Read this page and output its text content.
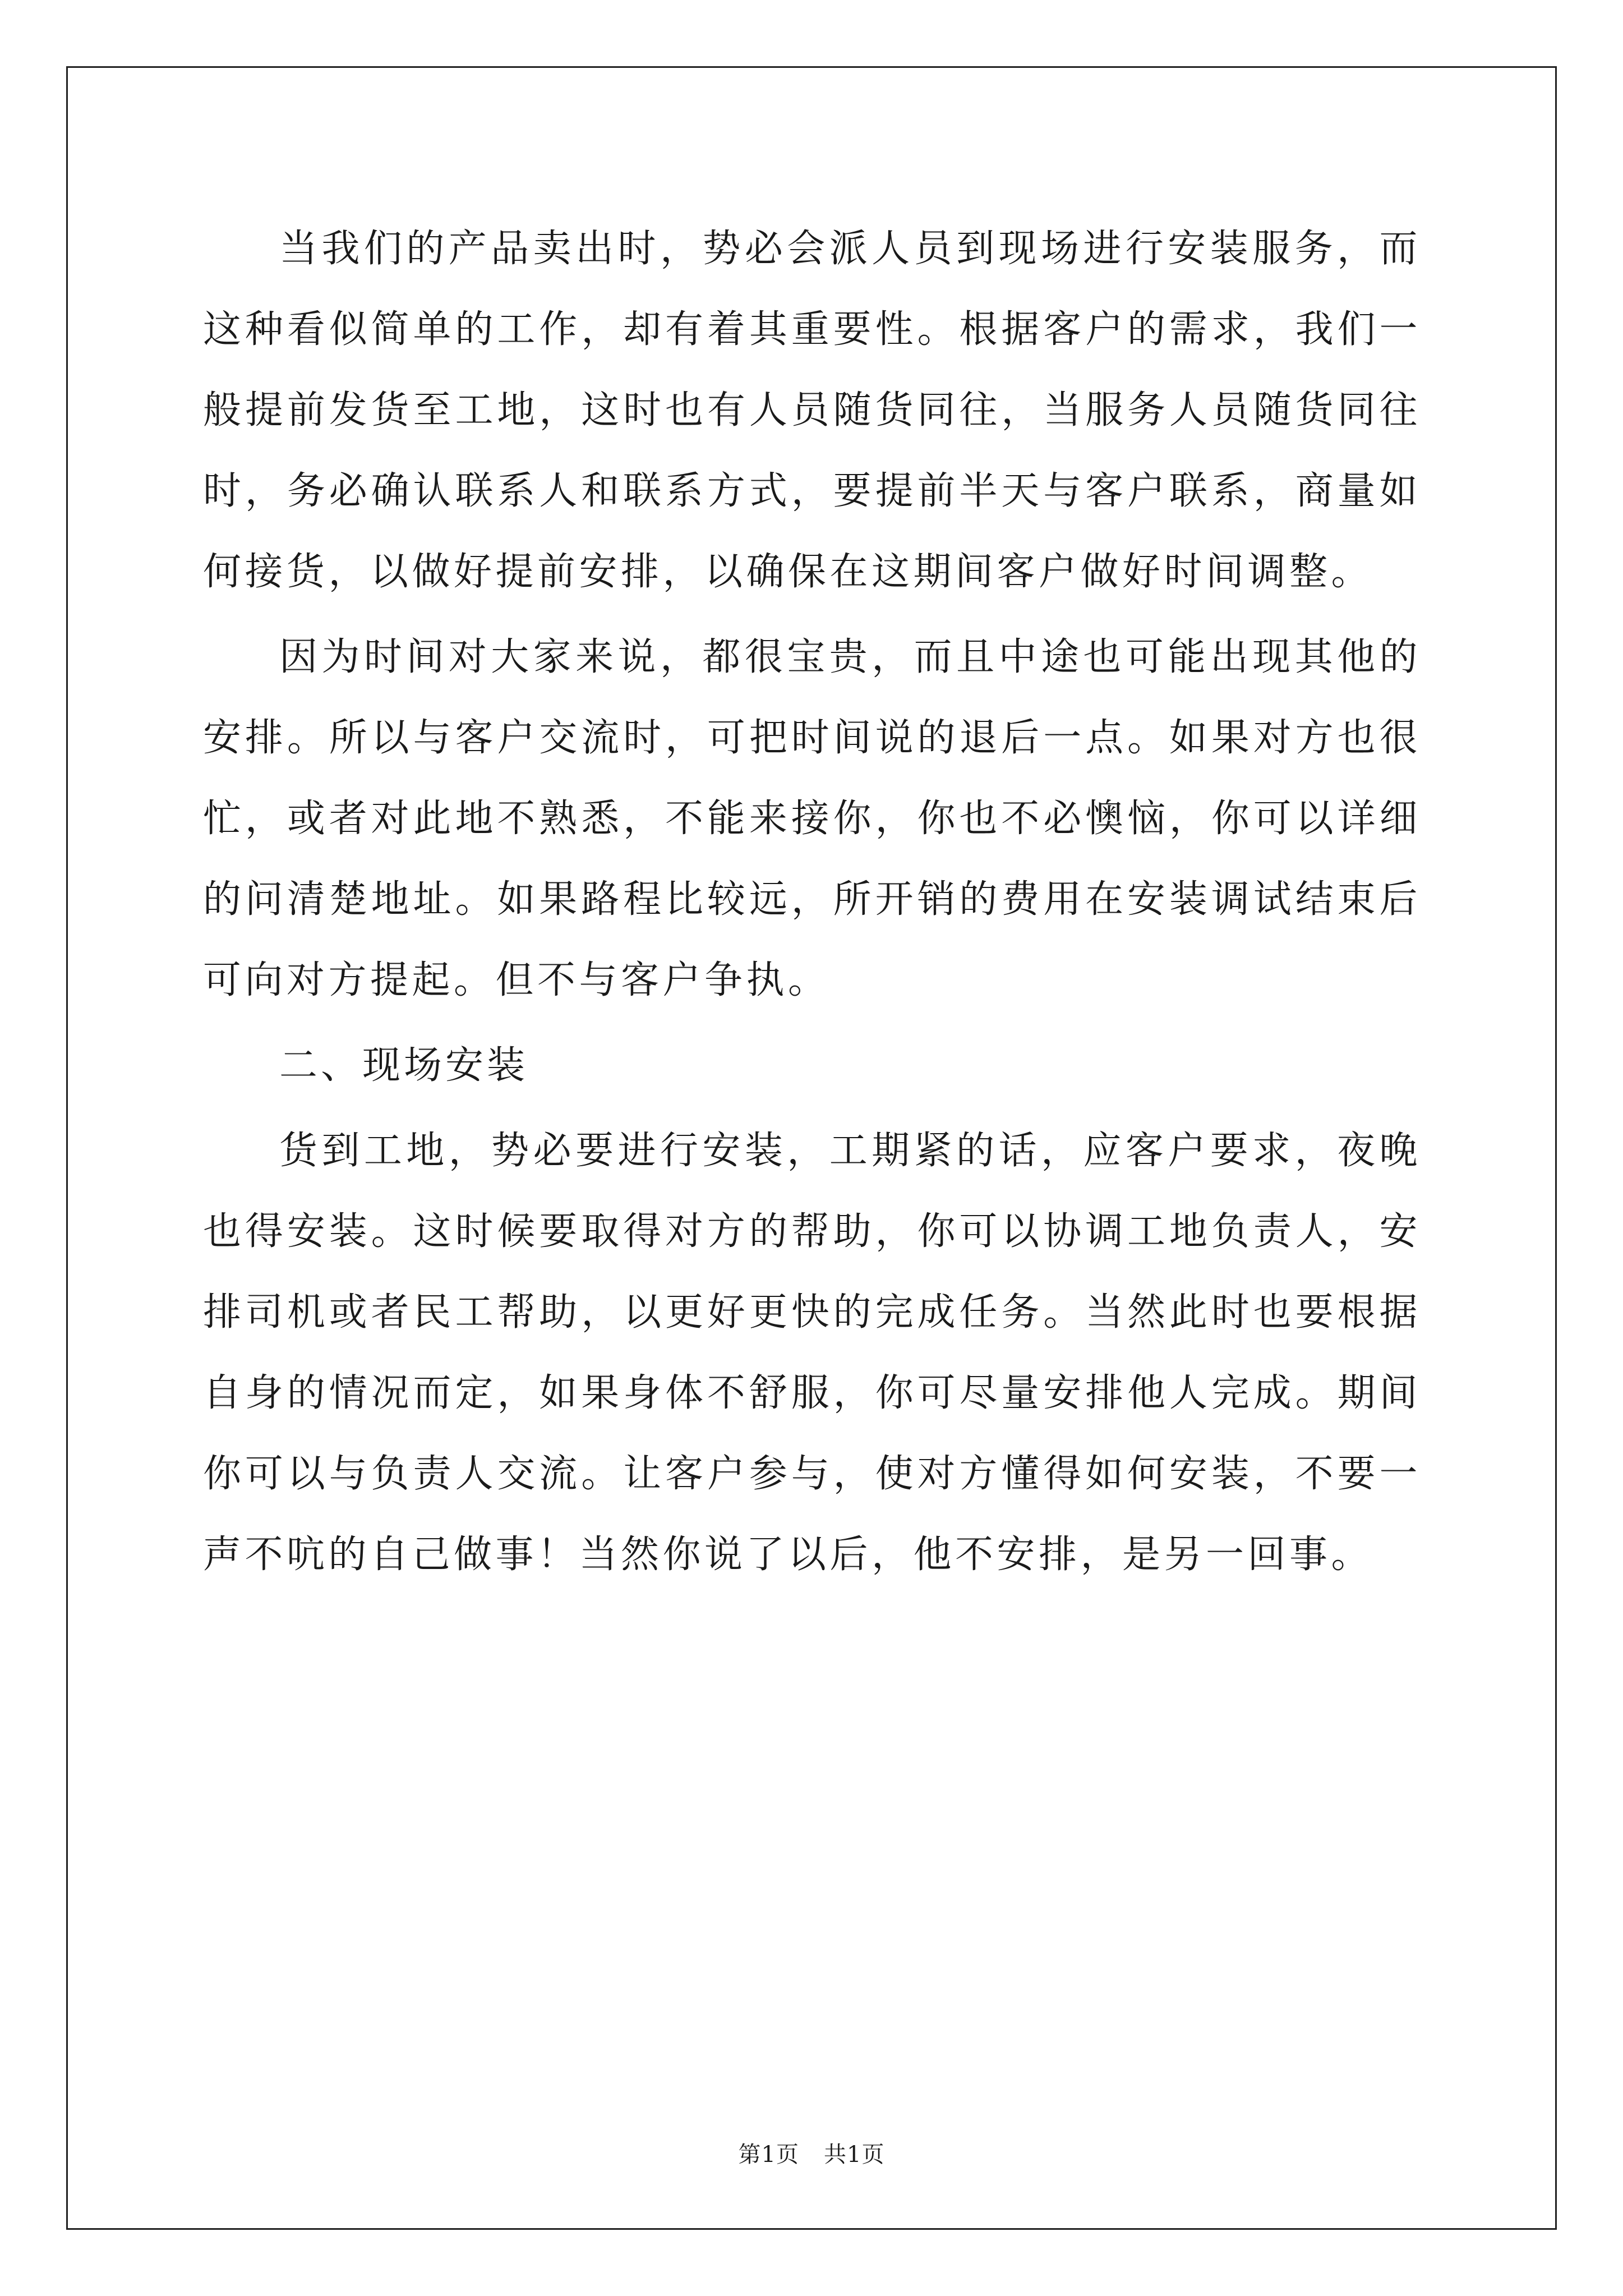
当我们的产品卖出时，势必会派人员到现场进行安装服务，而这种看似简单的工作，却有着其重要性。根据客户的需求，我们一般提前发货至工地，这时也有人员随货同往，当服务人员随货同往时，务必确认联系人和联系方式，要提前半天与客户联系，商量如何接货，以做好提前安排，以确保在这期间客户做好时间调整。

因为时间对大家来说，都很宝贵，而且中途也可能出现其他的安排。所以与客户交流时，可把时间说的退后一点。如果对方也很忙，或者对此地不熟悉，不能来接你，你也不必懊恼，你可以详细的问清楚地址。如果路程比较远，所开销的费用在安装调试结束后可向对方提起。但不与客户争执。

二、现场安装

货到工地，势必要进行安装，工期紧的话，应客户要求，夜晚也得安装。这时候要取得对方的帮助，你可以协调工地负责人，安排司机或者民工帮助，以更好更快的完成任务。当然此时也要根据自身的情况而定，如果身体不舒服，你可尽量安排他人完成。期间你可以与负责人交流。让客户参与，使对方懂得如何安装，不要一声不吭的自己做事！当然你说了以后，他不安排，是另一回事。

第1页 共1页
